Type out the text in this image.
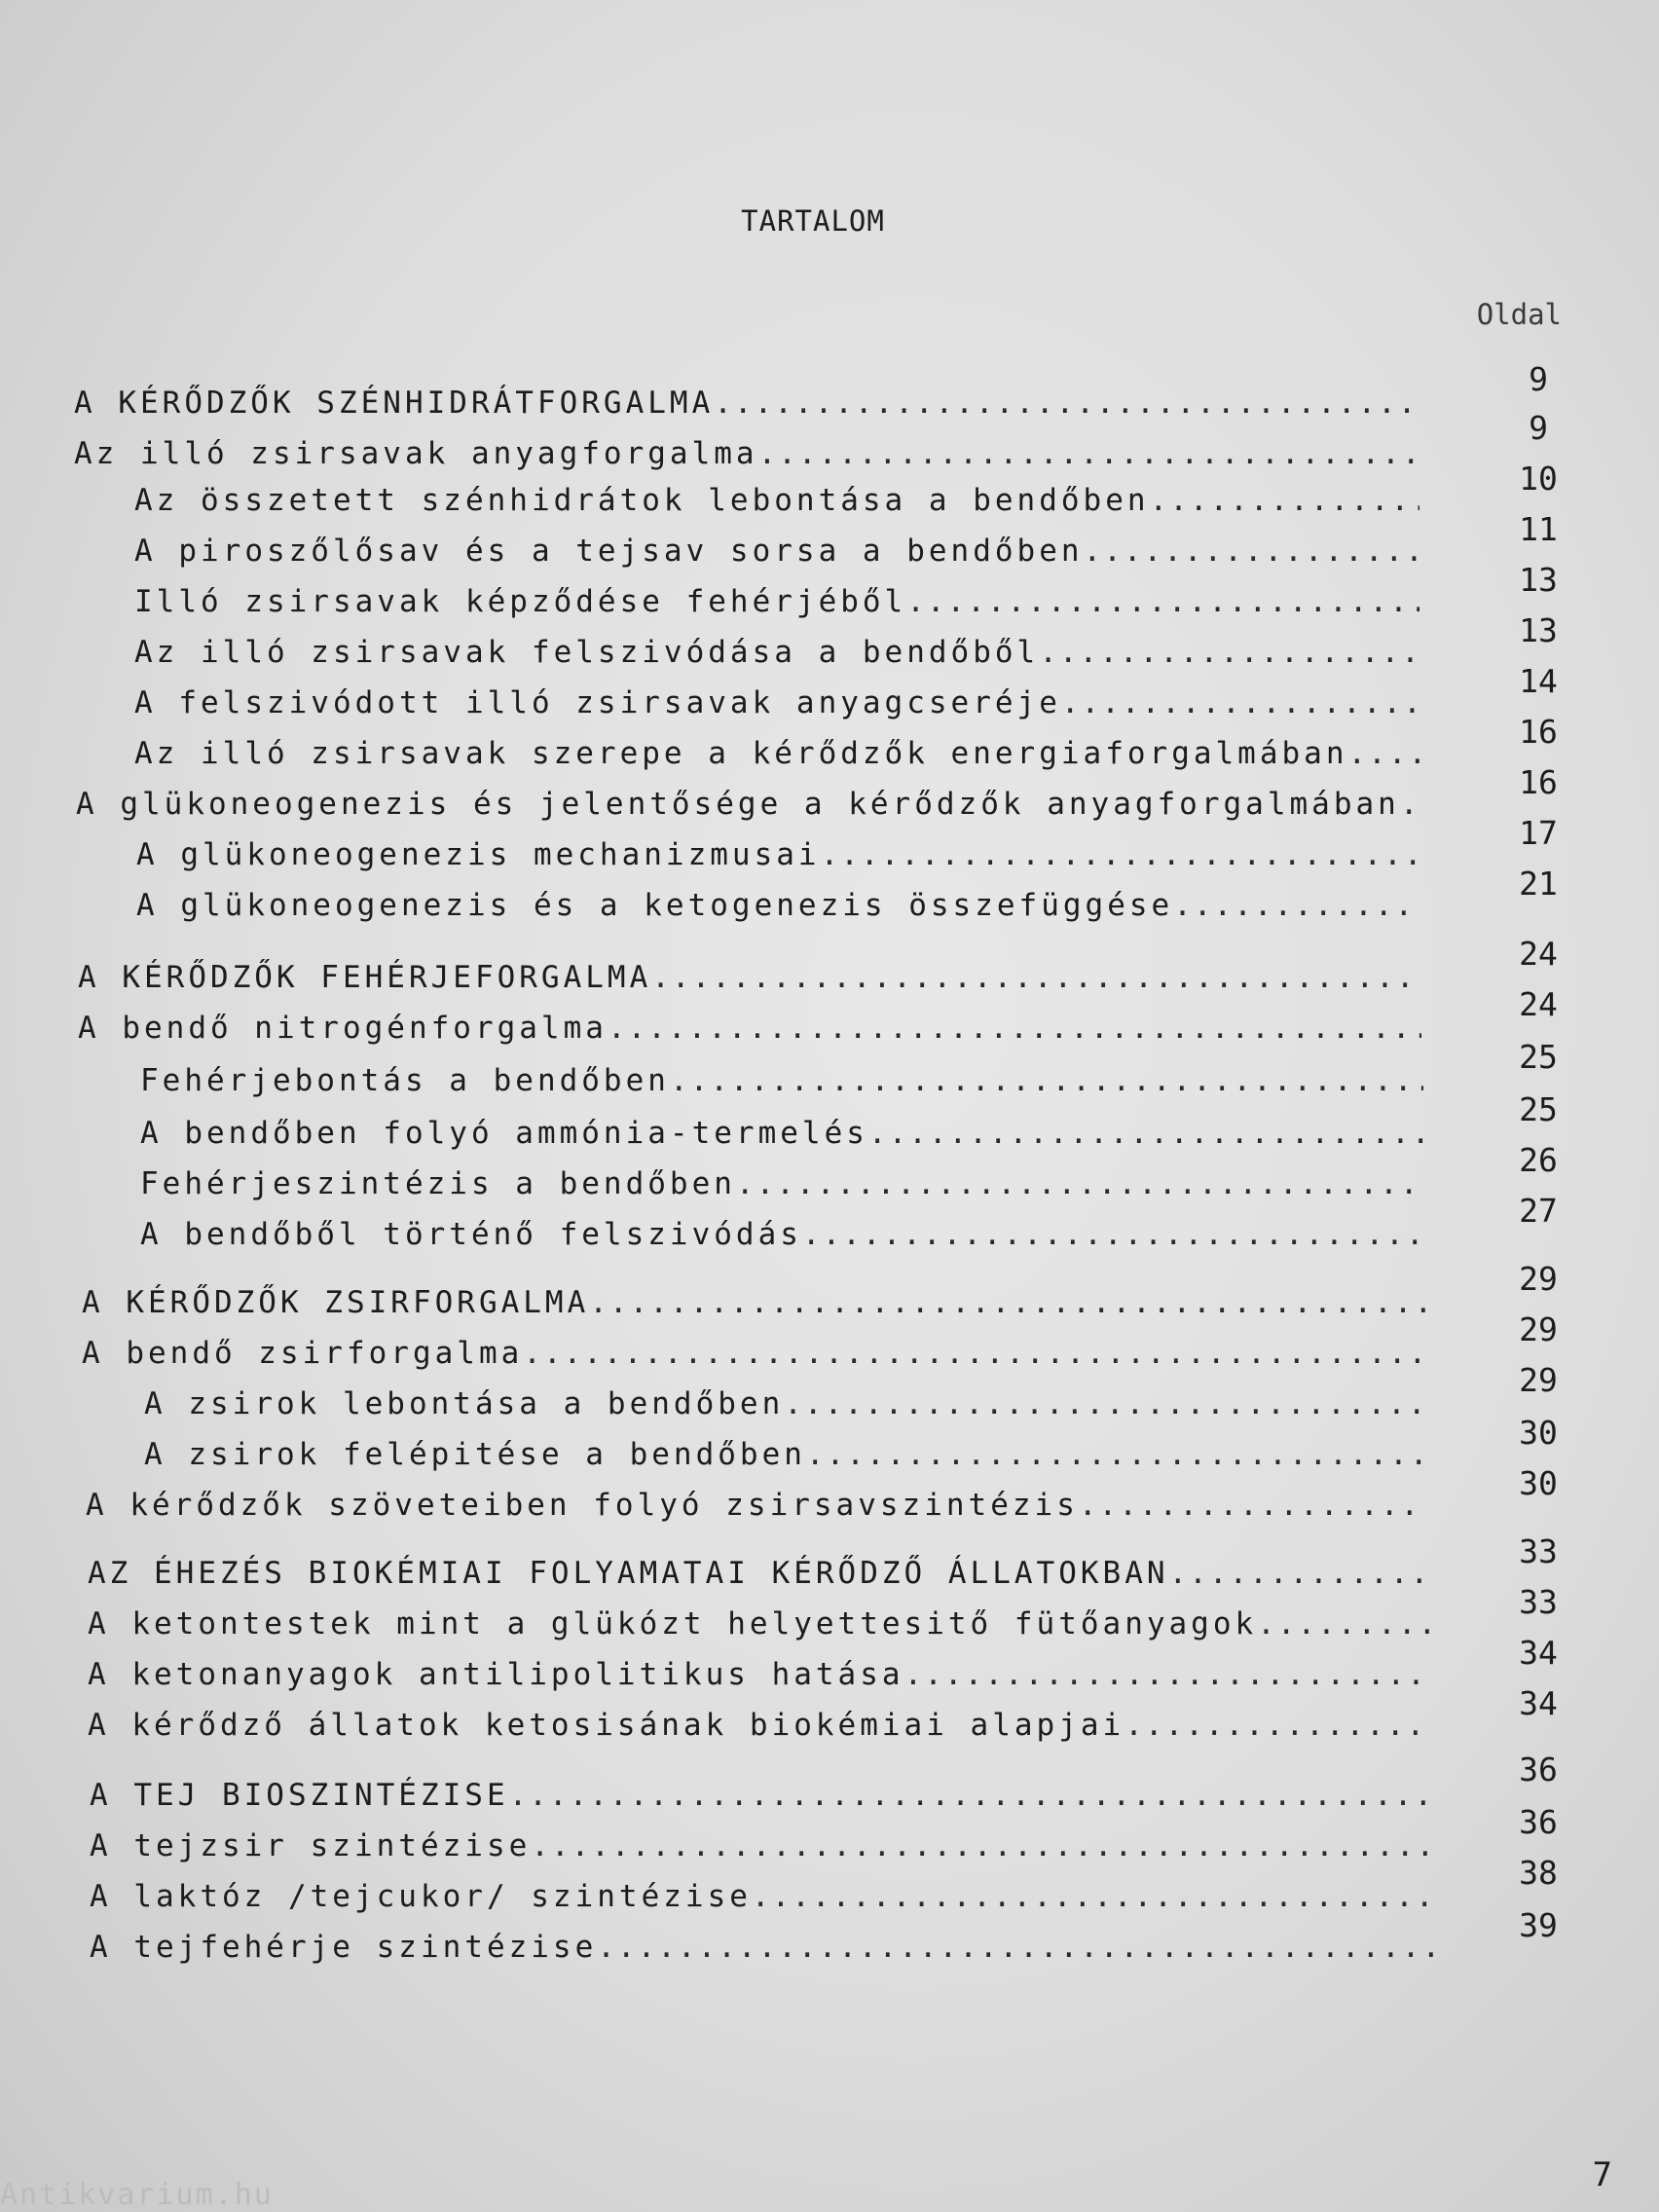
TARTALOM
Oldal
A KÉRŐDZŐK SZÉNHIDRÁTFORGALMA
.....
9
Az illó zsirsavak anyagforgalma
.....
9
Az összetett szénhidrátok lebontása a bendőben
.....
10
A piroszőlősav és a tejsav sorsa a bendőben
.....
11
Illó zsirsavak képződése fehérjéből
.....
13
Az illó zsirsavak felszivódása a bendőből
.....
13
A felszivódott illó zsirsavak anyagcseréje
.....
14
Az illó zsirsavak szerepe a kérődzők energiaforgalmában
.....
16
A glükoneogenezis és jelentősége a kérődzők anyagforgalmában
.....
16
A glükoneogenezis mechanizmusai
.....
17
A glükoneogenezis és a ketogenezis összefüggése
.....
21
A KÉRŐDZŐK FEHÉRJEFORGALMA
.....
24
A bendő nitrogénforgalma
.....
24
Fehérjebontás a bendőben
.....
25
A bendőben folyó ammónia-termelés
.....
25
Fehérjeszintézis a bendőben
.....
26
A bendőből történő felszivódás
.....
27
A KÉRŐDZŐK ZSIRFORGALMA
.....
29
A bendő zsirforgalma
.....
29
A zsirok lebontása a bendőben
.....
29
A zsirok felépitése a bendőben
.....
30
A kérődzők szöveteiben folyó zsirsavszintézis
.....
30
AZ ÉHEZÉS BIOKÉMIAI FOLYAMATAI KÉRŐDZŐ ÁLLATOKBAN
.....
33
A ketontestek mint a glükózt helyettesitő fütőanyagok
.....
33
A ketonanyagok antilipolitikus hatása
.....
34
A kérődző állatok ketosisának biokémiai alapjai
.....
34
A TEJ BIOSZINTÉZISE
.....
36
A tejzsir szintézise
.....
36
A laktóz /tejcukor/ szintézise
.....
38
A tejfehérje szintézise
.....
39
7
Antikvarium.hu
